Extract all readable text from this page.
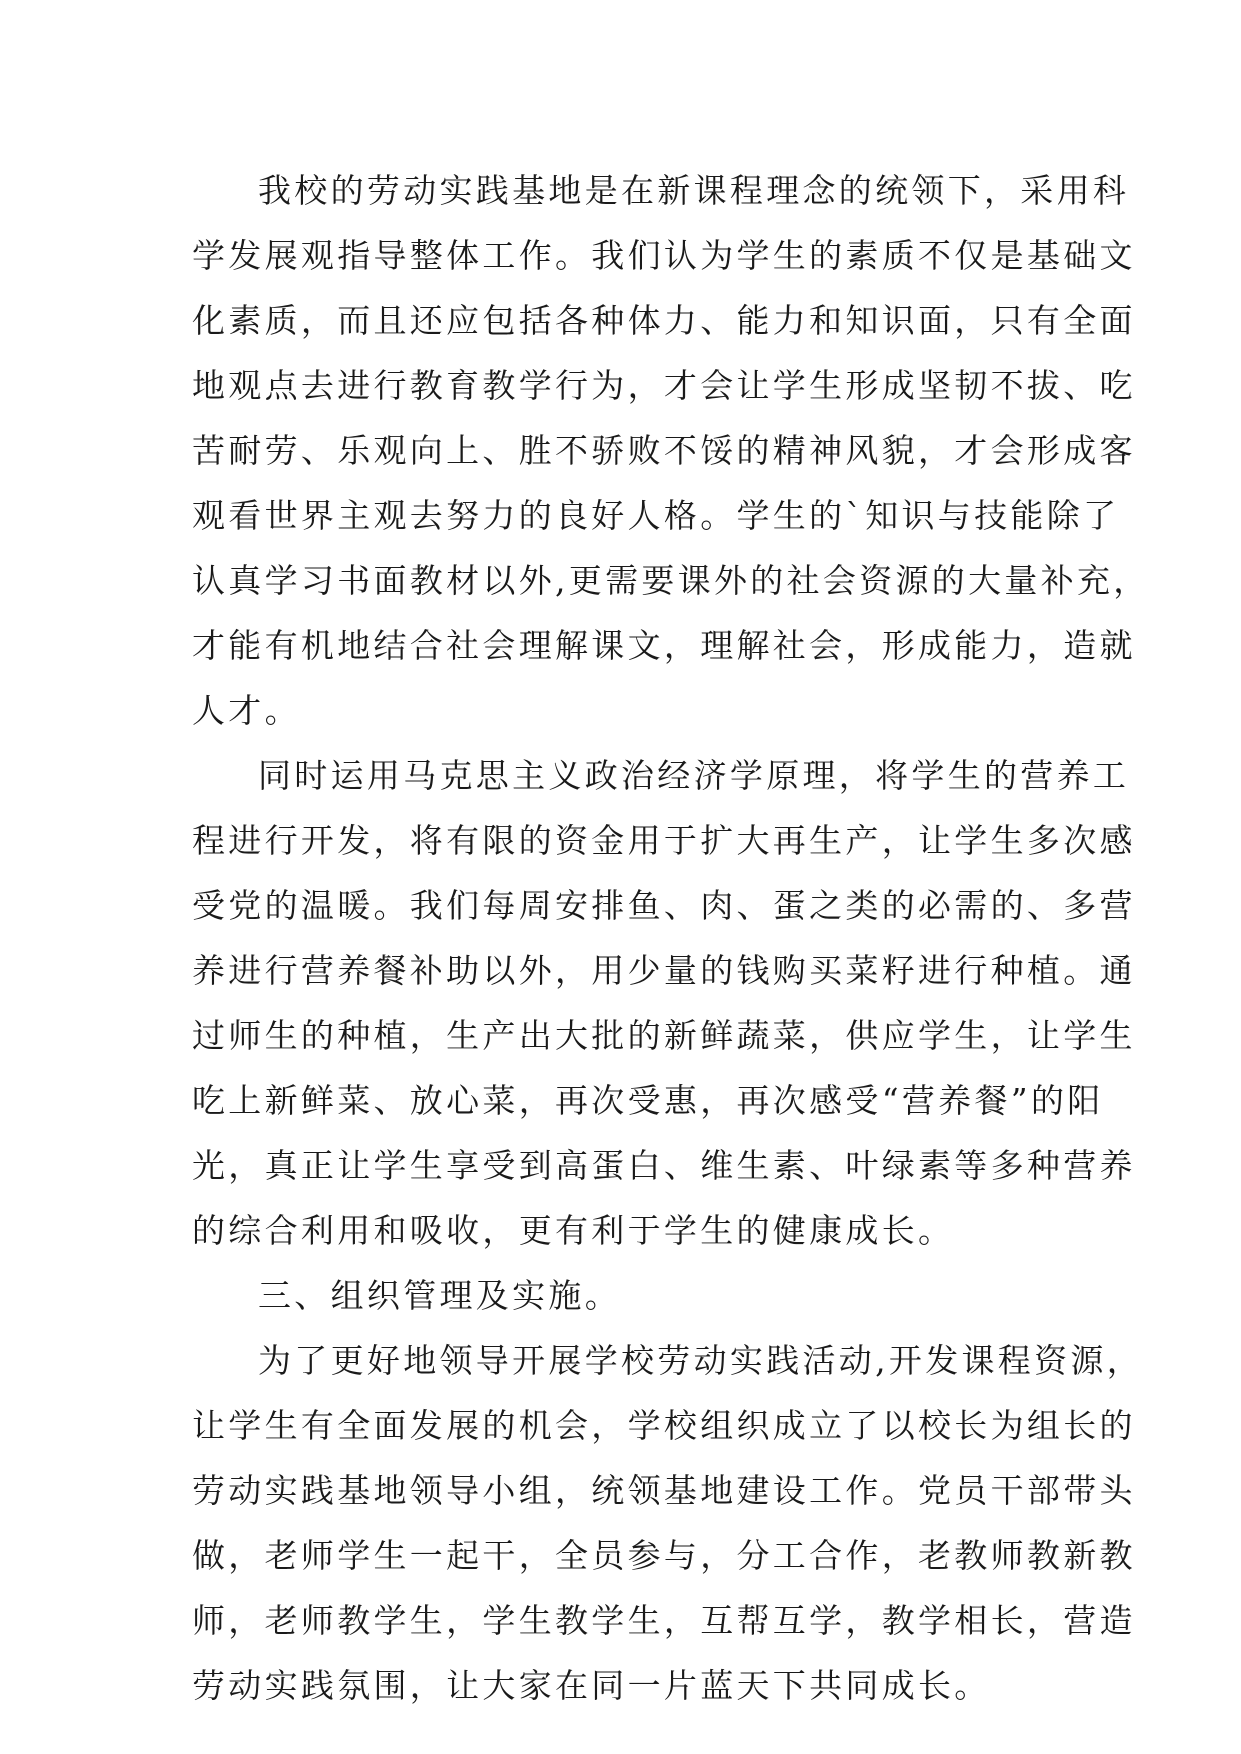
我校的劳动实践基地是在新课程理念的统领下，采用科
学发展观指导整体工作。我们认为学生的素质不仅是基础文
化素质，而且还应包括各种体力、能力和知识面，只有全面
地观点去进行教育教学行为，才会让学生形成坚韧不拔、吃
苦耐劳、乐观向上、胜不骄败不馁的精神风貌，才会形成客
观看世界主观去努力的良好人格。学生的`知识与技能除了
认真学习书面教材以外,更需要课外的社会资源的大量补充，
才能有机地结合社会理解课文，理解社会，形成能力，造就
人才。
同时运用马克思主义政治经济学原理，将学生的营养工
程进行开发，将有限的资金用于扩大再生产，让学生多次感
受党的温暖。我们每周安排鱼、肉、蛋之类的必需的、多营
养进行营养餐补助以外，用少量的钱购买菜籽进行种植。通
过师生的种植，生产出大批的新鲜蔬菜，供应学生，让学生
吃上新鲜菜、放心菜，再次受惠，再次感受“营养餐”的阳
光，真正让学生享受到高蛋白、维生素、叶绿素等多种营养
的综合利用和吸收，更有利于学生的健康成长。
三、组织管理及实施。
为了更好地领导开展学校劳动实践活动,开发课程资源，
让学生有全面发展的机会，学校组织成立了以校长为组长的
劳动实践基地领导小组，统领基地建设工作。党员干部带头
做，老师学生一起干，全员参与，分工合作，老教师教新教
师，老师教学生，学生教学生，互帮互学，教学相长，营造
劳动实践氛围，让大家在同一片蓝天下共同成长。
